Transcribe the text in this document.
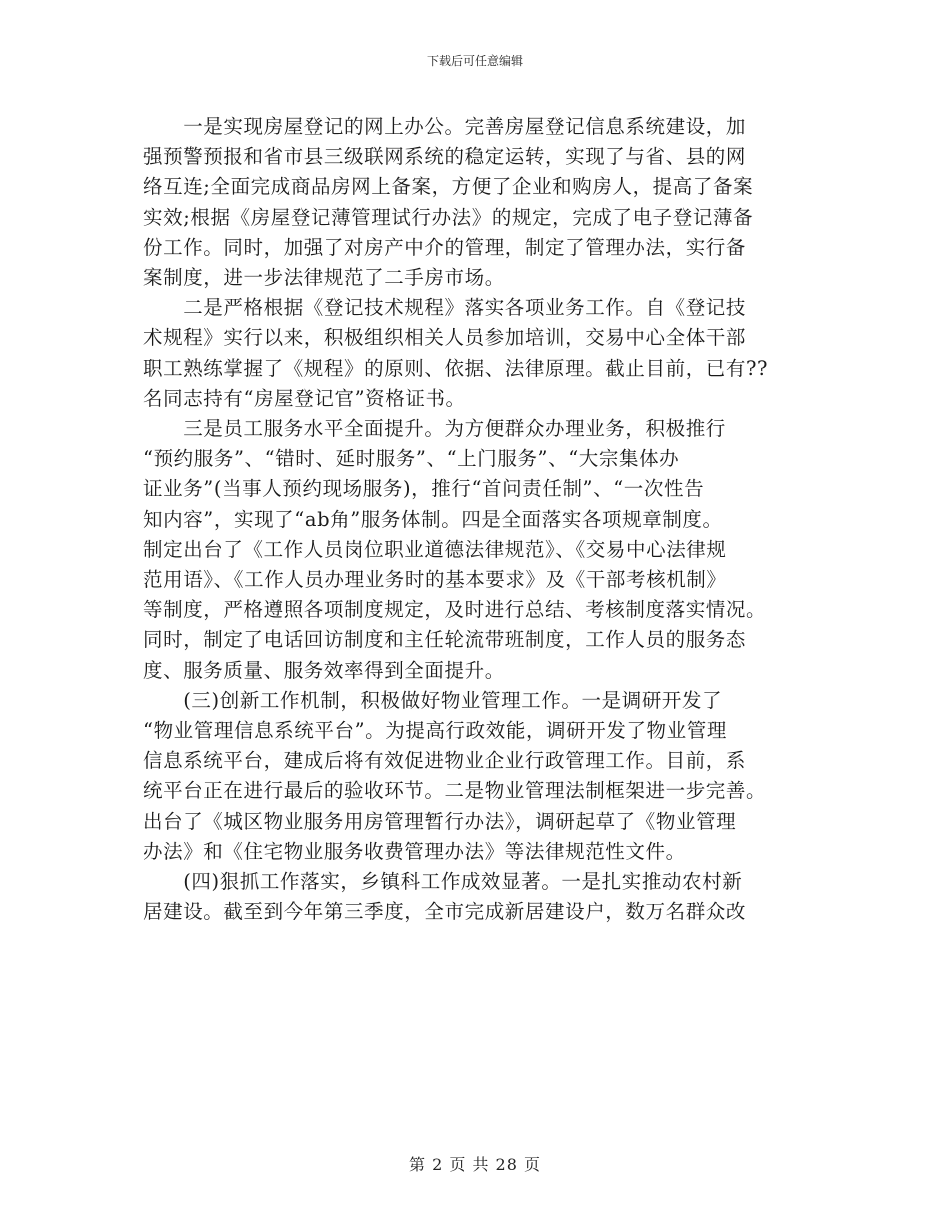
下载后可任意编辑

　　一是实现房屋登记的网上办公。完善房屋登记信息系统建设，加
强预警预报和省市县三级联网系统的稳定运转，实现了与省、县的网
络互连;全面完成商品房网上备案，方便了企业和购房人，提高了备案
实效;根据《房屋登记薄管理试行办法》的规定，完成了电子登记薄备
份工作。同时，加强了对房产中介的管理，制定了管理办法，实行备
案制度，进一步法律规范了二手房市场。

　　二是严格根据《登记技术规程》落实各项业务工作。自《登记技
术规程》实行以来，积极组织相关人员参加培训，交易中心全体干部
职工熟练掌握了《规程》的原则、依据、法律原理。截止目前，已有??
名同志持有“房屋登记官”资格证书。

　　三是员工服务水平全面提升。为方便群众办理业务，积极推行
“预约服务”、“错时、延时服务”、“上门服务”、“大宗集体办
证业务”(当事人预约现场服务)，推行“首问责任制”、“一次性告
知内容”，实现了“ab角”服务体制。四是全面落实各项规章制度。
制定出台了《工作人员岗位职业道德法律规范》、《交易中心法律规
范用语》、《工作人员办理业务时的基本要求》及《干部考核机制》
等制度，严格遵照各项制度规定，及时进行总结、考核制度落实情况。
同时，制定了电话回访制度和主任轮流带班制度，工作人员的服务态
度、服务质量、服务效率得到全面提升。

　　(三)创新工作机制，积极做好物业管理工作。一是调研开发了
“物业管理信息系统平台”。为提高行政效能，调研开发了物业管理
信息系统平台，建成后将有效促进物业企业行政管理工作。目前，系
统平台正在进行最后的验收环节。二是物业管理法制框架进一步完善。
出台了《城区物业服务用房管理暂行办法》，调研起草了《物业管理
办法》和《住宅物业服务收费管理办法》等法律规范性文件。

　　(四)狠抓工作落实，乡镇科工作成效显著。一是扎实推动农村新
居建设。截至到今年第三季度，全市完成新居建设户，数万名群众改

第 2 页 共 28 页
